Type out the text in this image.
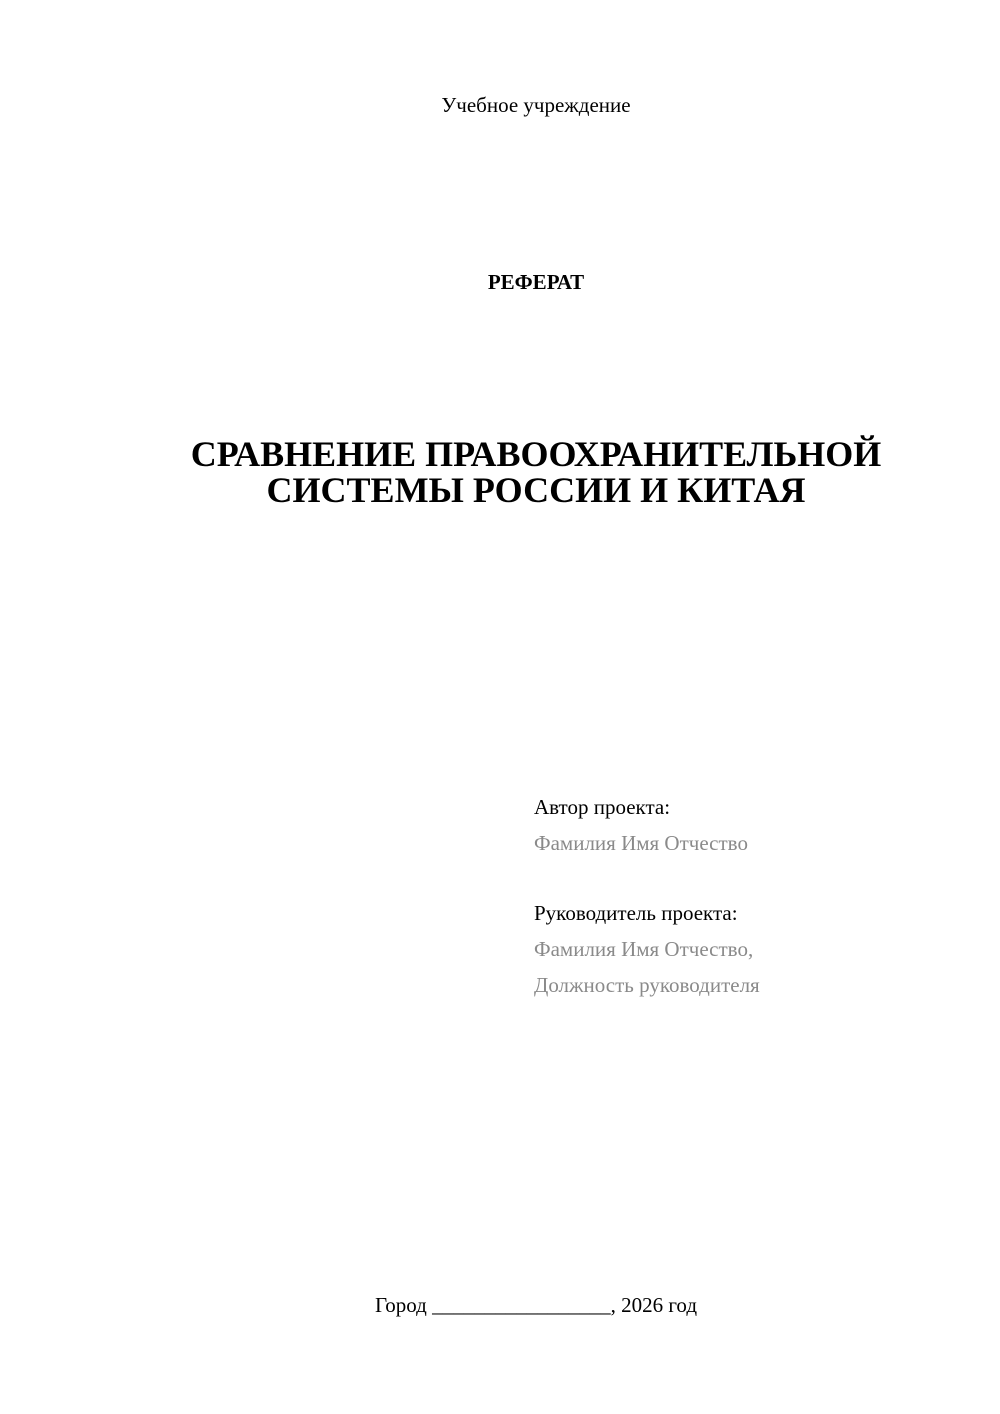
Учебное учреждение
РЕФЕРАТ
СРАВНЕНИЕ ПРАВООХРАНИТЕЛЬНОЙ
СИСТЕМЫ РОССИИ И КИТАЯ
Автор проекта:
Фамилия Имя Отчество
Руководитель проекта:
Фамилия Имя Отчество,
Должность руководителя
Город _________________, 2026 год
